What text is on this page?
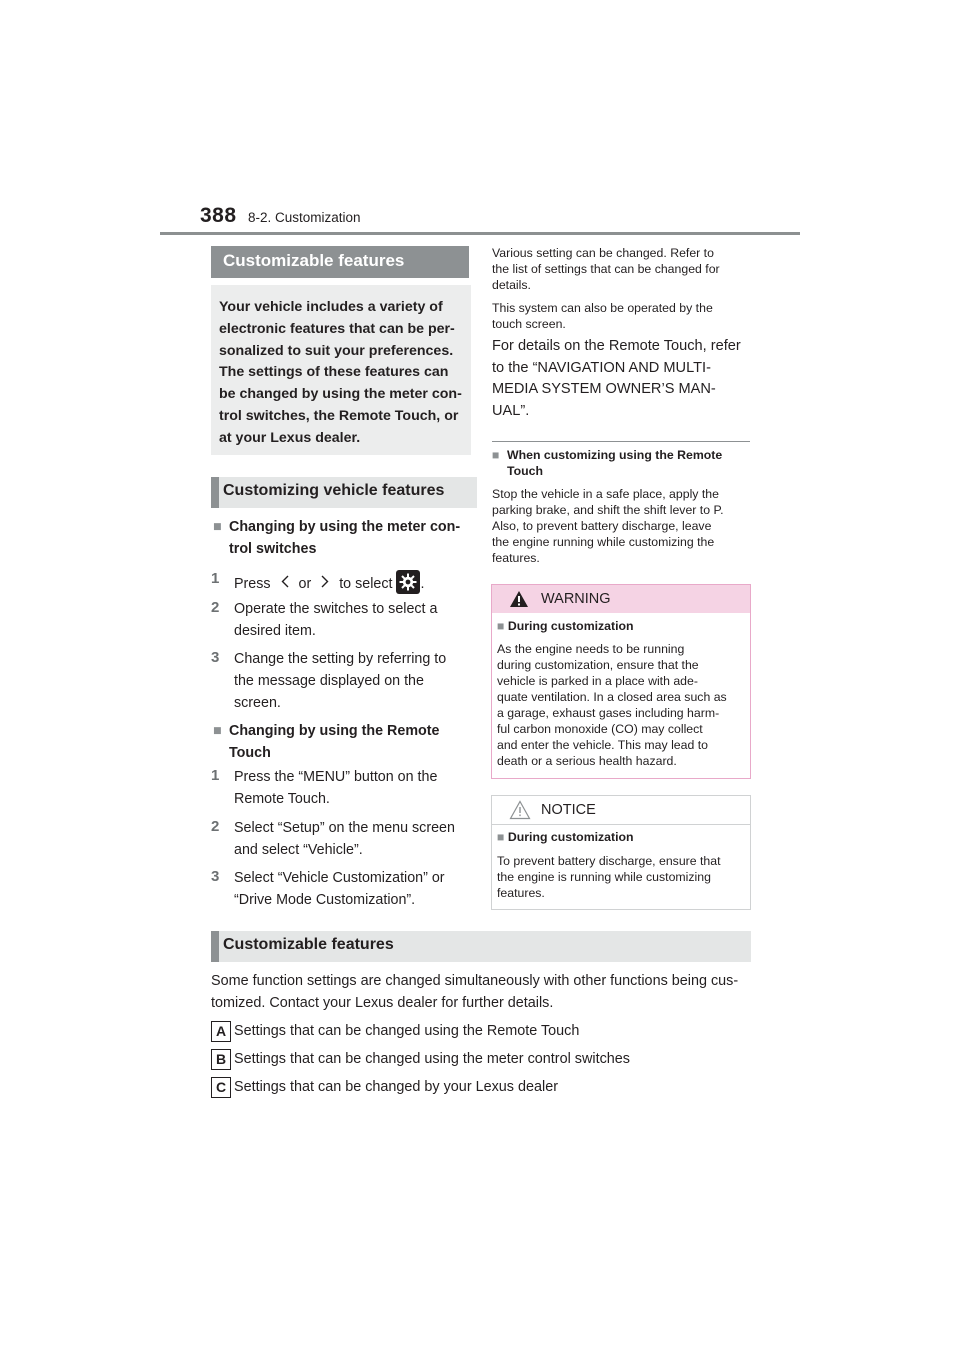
388 8-2. Customization
Customizable features
Your vehicle includes a variety of
electronic features that can be per-
sonalized to suit your preferences.
The settings of these features can
be changed by using the meter con-
trol switches, the Remote Touch, or
at your Lexus dealer.
Customizing vehicle features
■ Changing by using the meter con-
trol switches
1 Press or to select .
2 Operate the switches to select a
desired item.
3 Change the setting by referring to
the message displayed on the
screen.
■ Changing by using the Remote
Touch
1 Press the “MENU” button on the
Remote Touch.
2 Select “Setup” on the menu screen
and select “Vehicle”.
3 Select “Vehicle Customization” or
“Drive Mode Customization”.
Various setting can be changed. Refer to
the list of settings that can be changed for
details.
This system can also be operated by the
touch screen.
For details on the Remote Touch, refer
to the “NAVIGATION AND MULTI-
MEDIA SYSTEM OWNER’S MAN-
UAL”.
■ When customizing using the Remote
Touch
Stop the vehicle in a safe place, apply the
parking brake, and shift the shift lever to P.
Also, to prevent battery discharge, leave
the engine running while customizing the
features.
WARNING
■ During customization
As the engine needs to be running
during customization, ensure that the
vehicle is parked in a place with ade-
quate ventilation. In a closed area such as
a garage, exhaust gases including harm-
ful carbon monoxide (CO) may collect
and enter the vehicle. This may lead to
death or a serious health hazard.
NOTICE
■ During customization
To prevent battery discharge, ensure that
the engine is running while customizing
features.
Customizable features
Some function settings are changed simultaneously with other functions being cus-
tomized. Contact your Lexus dealer for further details.
A Settings that can be changed using the Remote Touch
B Settings that can be changed using the meter control switches
C Settings that can be changed by your Lexus dealer
